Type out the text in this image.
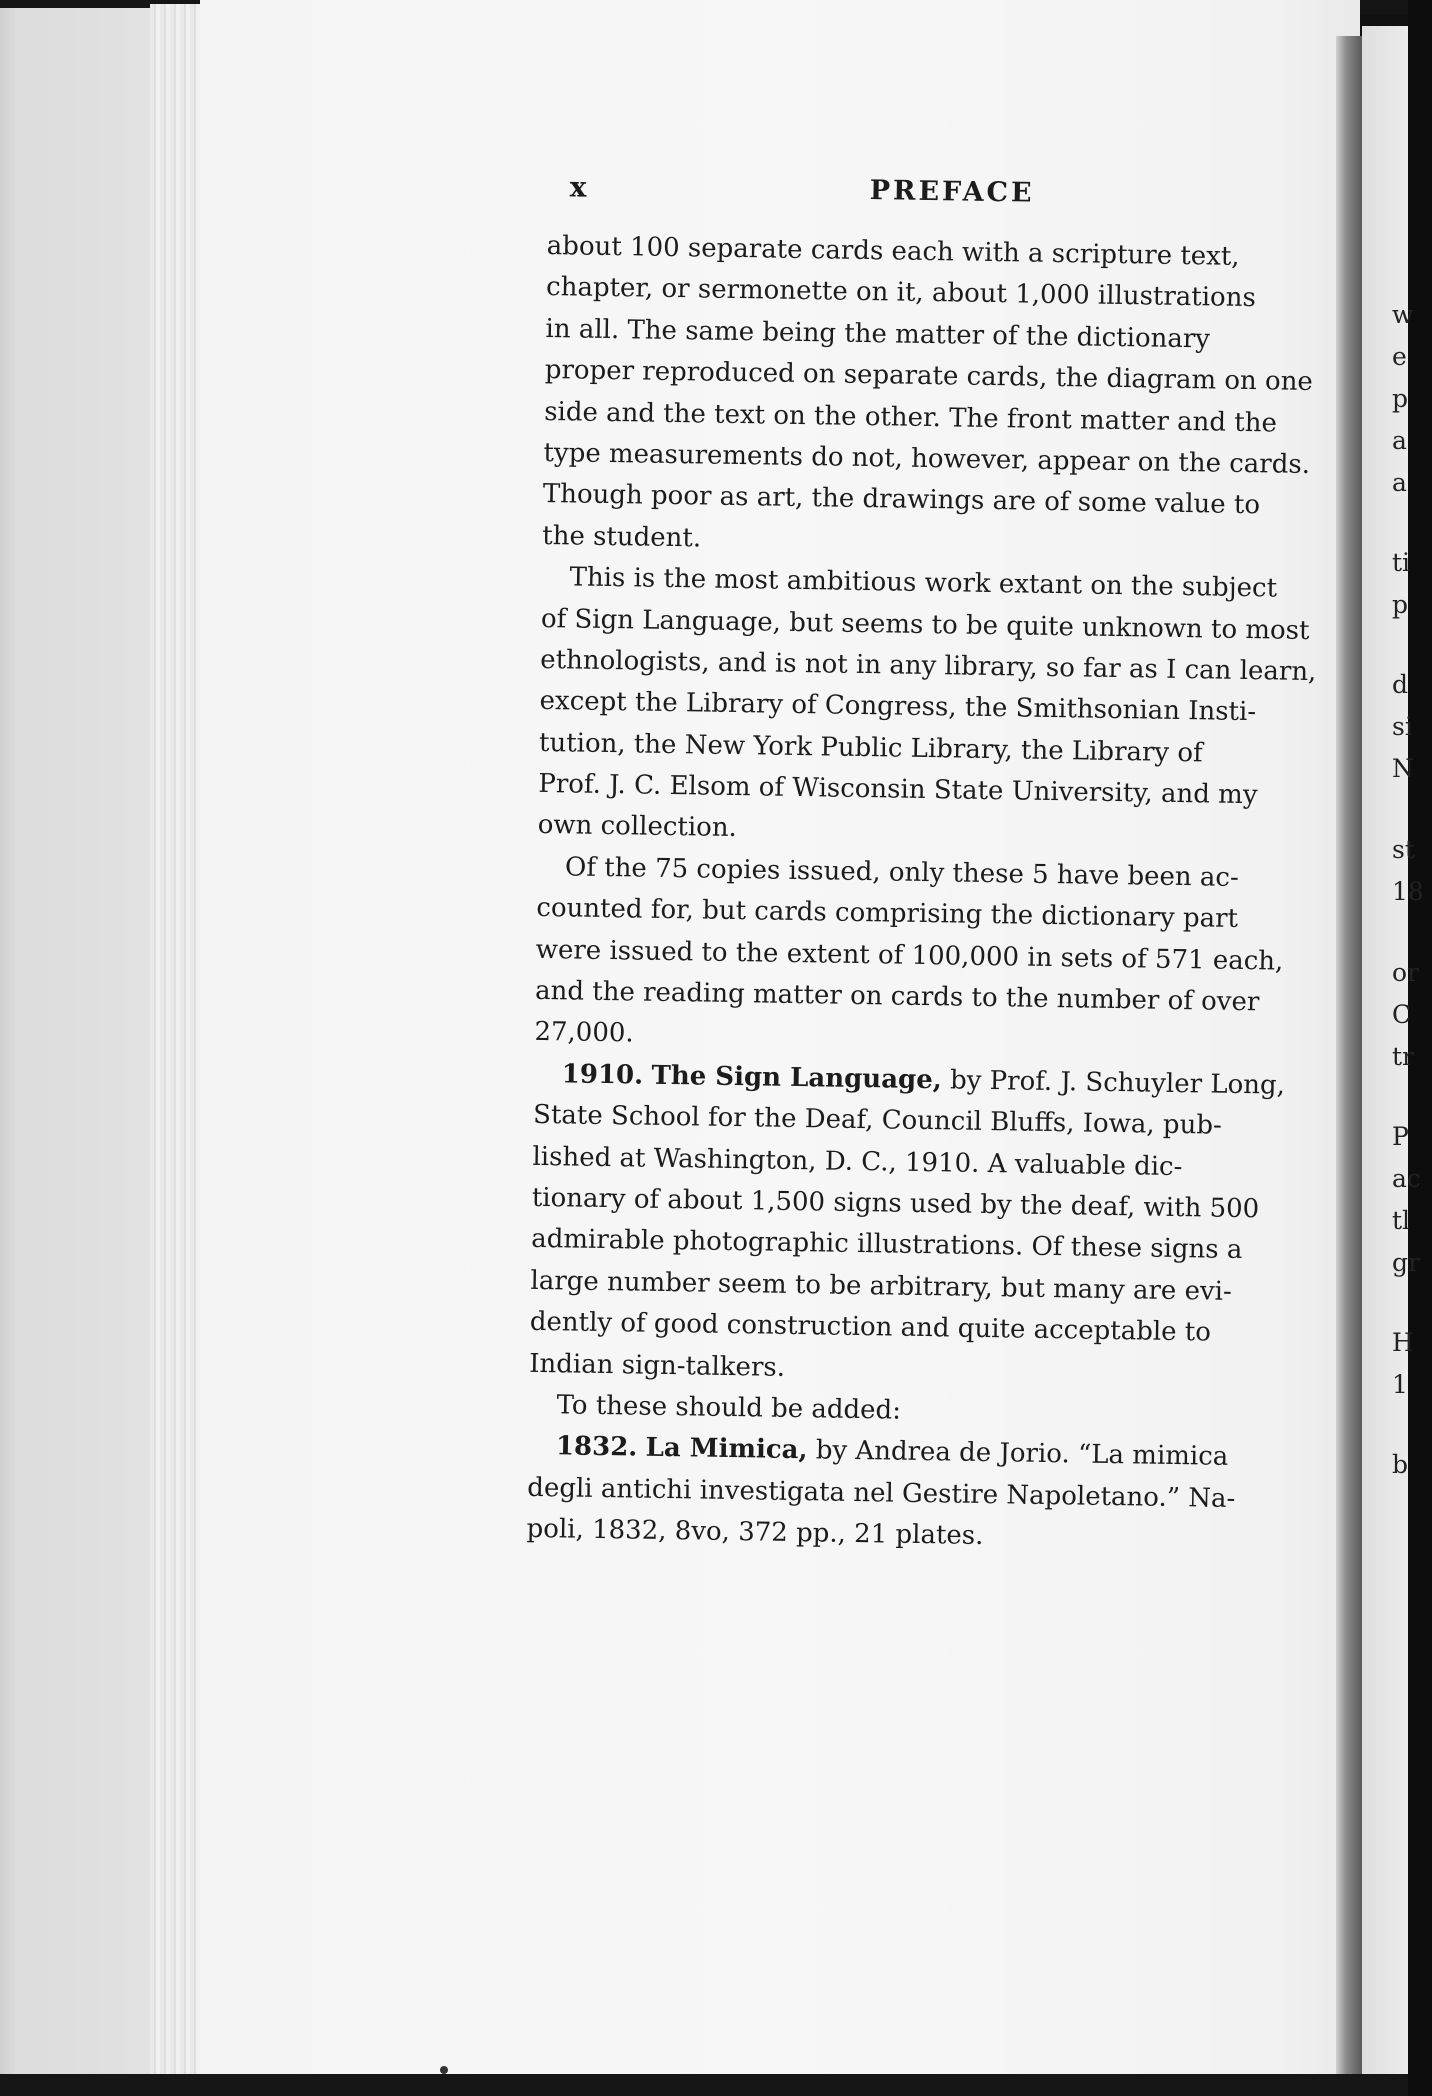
w
e
p
a
a
ti
p
d
si
N
st
18
or
C
tr
P
ac
tl
gr
H
1
b
x	PREFACE
about 100 separate cards each with a scripture text,
chapter, or sermonette on it, about 1,000 illustrations
in all. The same being the matter of the dictionary
proper reproduced on separate cards, the diagram on one
side and the text on the other. The front matter and the
type measurements do not, however, appear on the cards.
Though poor as art, the drawings are of some value to
the student.
This is the most ambitious work extant on the subject
of Sign Language, but seems to be quite unknown to most
ethnologists, and is not in any library, so far as I can learn,
except the Library of Congress, the Smithsonian Insti-
tution, the New York Public Library, the Library of
Prof. J. C. Elsom of Wisconsin State University, and my
own collection.
Of the 75 copies issued, only these 5 have been ac-
counted for, but cards comprising the dictionary part
were issued to the extent of 100,000 in sets of 571 each,
and the reading matter on cards to the number of over
27,000.
1910. The Sign Language, by Prof. J. Schuyler Long,
State School for the Deaf, Council Bluffs, Iowa, pub-
lished at Washington, D. C., 1910. A valuable dic-
tionary of about 1,500 signs used by the deaf, with 500
admirable photographic illustrations. Of these signs a
large number seem to be arbitrary, but many are evi-
dently of good construction and quite acceptable to
Indian sign-talkers.
To these should be added:
1832. La Mimica, by Andrea de Jorio. “La mimica
degli antichi investigata nel Gestire Napoletano.” Na-
poli, 1832, 8vo, 372 pp., 21 plates.
